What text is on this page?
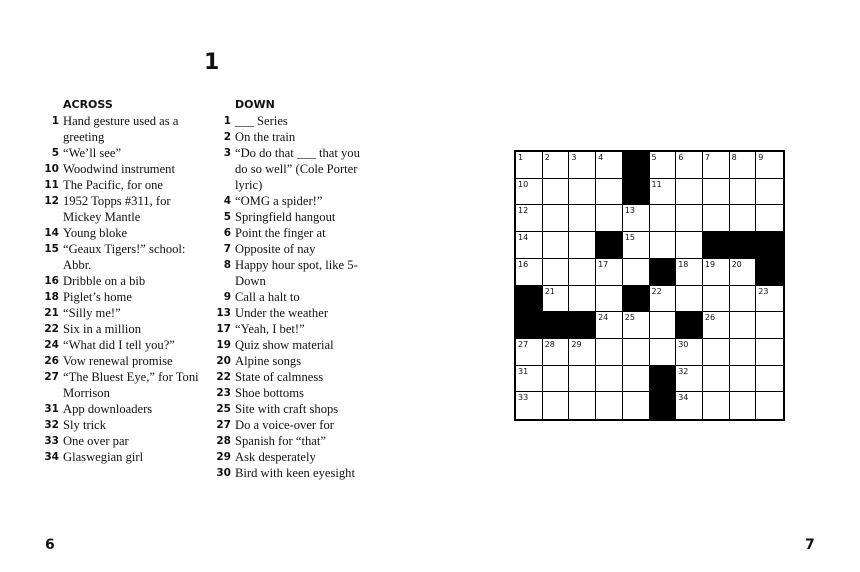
1
ACROSS
1 Hand gesture used as a greeting
5 “We’ll see”
10 Woodwind instrument
11 The Pacific, for one
12 1952 Topps #311, for Mickey Mantle
14 Young bloke
15 “Geaux Tigers!” school: Abbr.
16 Dribble on a bib
18 Piglet’s home
21 “Silly me!”
22 Six in a million
24 “What did I tell you?”
26 Vow renewal promise
27 “The Bluest Eye,” for Toni Morrison
31 App downloaders
32 Sly trick
33 One over par
34 Glaswegian girl
DOWN
1 ___ Series
2 On the train
3 “Do do that ___ that you do so well” (Cole Porter lyric)
4 “OMG a spider!”
5 Springfield hangout
6 Point the finger at
7 Opposite of nay
8 Happy hour spot, like 5-Down
9 Call a halt to
13 Under the weather
17 “Yeah, I bet!”
19 Quiz show material
20 Alpine songs
22 State of calmness
23 Shoe bottoms
25 Site with craft shops
27 Do a voice-over for
28 Spanish for “that”
29 Ask desperately
30 Bird with keen eyesight
1	2	3	4	5	6	7	8	9
10	11
12	13
14	15
16	17	18 19 20
21	22	23
24 25	26
27 28 29	30
31	32
33	34
6	7
